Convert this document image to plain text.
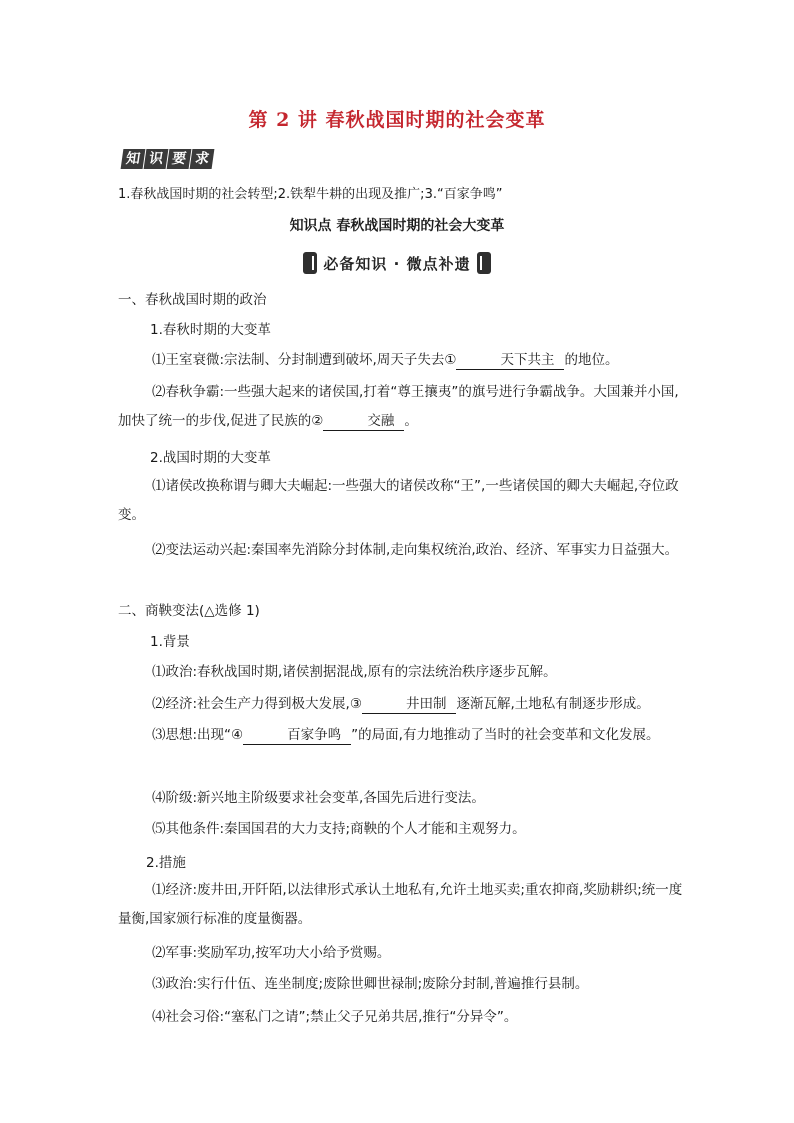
第 2 讲 春秋战国时期的社会变革
知 识 要 求
1.春秋战国时期的社会转型;2.铁犁牛耕的出现及推广;3.“百家争鸣”
知识点 春秋战国时期的社会大变革
必备知识 · 微点补遗
一、春秋战国时期的政治
1.春秋时期的大变革
⑴王室衰微:宗法制、分封制遭到破坏,周天子失去①	天下共主 的地位。
⑵春秋争霸:一些强大起来的诸侯国,打着“尊王攘夷”的旗号进行争霸战争。大国兼并小国,加快了统一的步伐,促进了民族的②	交融 。
2.战国时期的大变革
⑴诸侯改换称谓与卿大夫崛起:一些强大的诸侯改称“王”,一些诸侯国的卿大夫崛起,夺位政变。
⑵变法运动兴起:秦国率先消除分封体制,走向集权统治,政治、经济、军事实力日益强大。
二、商鞅变法(△选修 1)
1.背景
⑴政治:春秋战国时期,诸侯割据混战,原有的宗法统治秩序逐步瓦解。
⑵经济:社会生产力得到极大发展,③	井田制 逐渐瓦解,土地私有制逐步形成。
⑶思想:出现“④	百家争鸣 ”的局面,有力地推动了当时的社会变革和文化发展。
⑷阶级:新兴地主阶级要求社会变革,各国先后进行变法。
⑸其他条件:秦国国君的大力支持;商鞅的个人才能和主观努力。
2.措施
⑴经济:废井田,开阡陌,以法律形式承认土地私有,允许土地买卖;重农抑商,奖励耕织;统一度量衡,国家颁行标准的度量衡器。
⑵军事:奖励军功,按军功大小给予赏赐。
⑶政治:实行什伍、连坐制度;废除世卿世禄制;废除分封制,普遍推行县制。
⑷社会习俗:“塞私门之请”;禁止父子兄弟共居,推行“分异令”。
